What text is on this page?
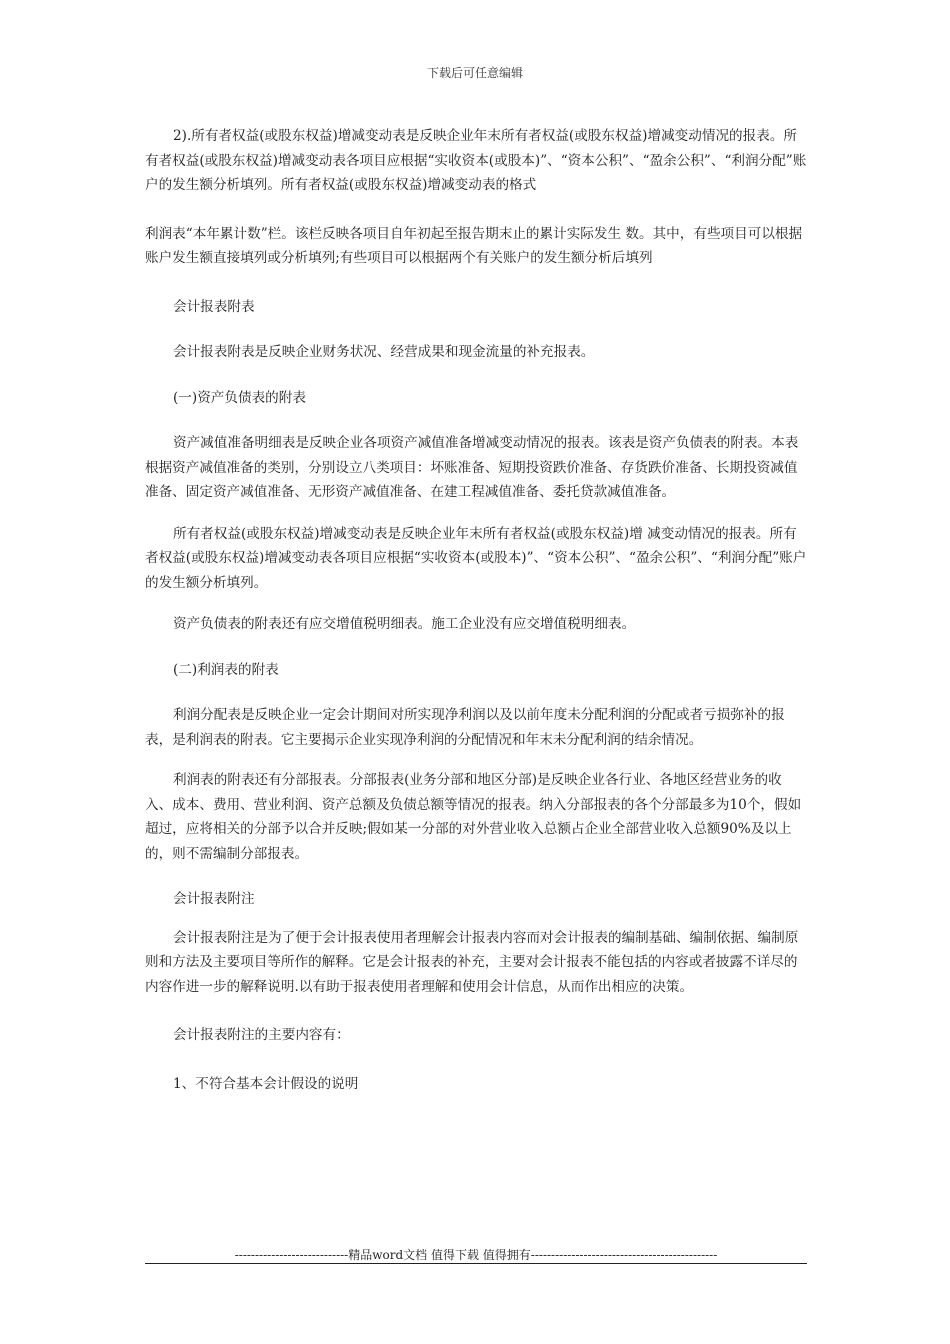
下载后可任意编辑

2).所有者权益(或股东权益)增减变动表是反映企业年末所有者权益(或股东权益)增减变动情况的报表。所有者权益(或股东权益)增减变动表各项目应根据“实收资本(或股本)”、“资本公积”、“盈余公积”、“利润分配”账户的发生额分析填列。所有者权益(或股东权益)增减变动表的格式

利润表“本年累计数”栏。该栏反映各项目自年初起至报告期末止的累计实际发生 数。其中，有些项目可以根据账户发生额直接填列或分析填列;有些项目可以根据两个有关账户的发生额分析后填列

会计报表附表

会计报表附表是反映企业财务状况、经营成果和现金流量的补充报表。

(一)资产负债表的附表

资产减值准备明细表是反映企业各项资产减值准备增减变动情况的报表。该表是资产负债表的附表。本表根据资产减值准备的类别，分别设立八类项目：坏账准备、短期投资跌价准备、存货跌价准备、长期投资减值准备、固定资产减值准备、无形资产减值准备、在建工程减值准备、委托贷款减值准备。

所有者权益(或股东权益)增减变动表是反映企业年末所有者权益(或股东权益)增 减变动情况的报表。所有者权益(或股东权益)增减变动表各项目应根据“实收资本(或股本)”、“资本公积”、“盈余公积”、“利润分配”账户的发生额分析填列。

资产负债表的附表还有应交增值税明细表。施工企业没有应交增值税明细表。

(二)利润表的附表

利润分配表是反映企业一定会计期间对所实现净利润以及以前年度未分配利润的分配或者亏损弥补的报表，是利润表的附表。它主要揭示企业实现净利润的分配情况和年末未分配利润的结余情况。

利润表的附表还有分部报表。分部报表(业务分部和地区分部)是反映企业各行业、各地区经营业务的收入、成本、费用、营业利润、资产总额及负债总额等情况的报表。纳入分部报表的各个分部最多为10个，假如超过，应将相关的分部予以合并反映;假如某一分部的对外营业收入总额占企业全部营业收入总额90%及以上的，则不需编制分部报表。

会计报表附注

会计报表附注是为了便于会计报表使用者理解会计报表内容而对会计报表的编制基础、编制依据、编制原则和方法及主要项目等所作的解释。它是会计报表的补充，主要对会计报表不能包括的内容或者披露不详尽的内容作进一步的解释说明.以有助于报表使用者理解和使用会计信息，从而作出相应的决策。

会计报表附注的主要内容有：

1、不符合基本会计假设的说明

----------------------------精品word文档 值得下载 值得拥有----------------------------------------------
